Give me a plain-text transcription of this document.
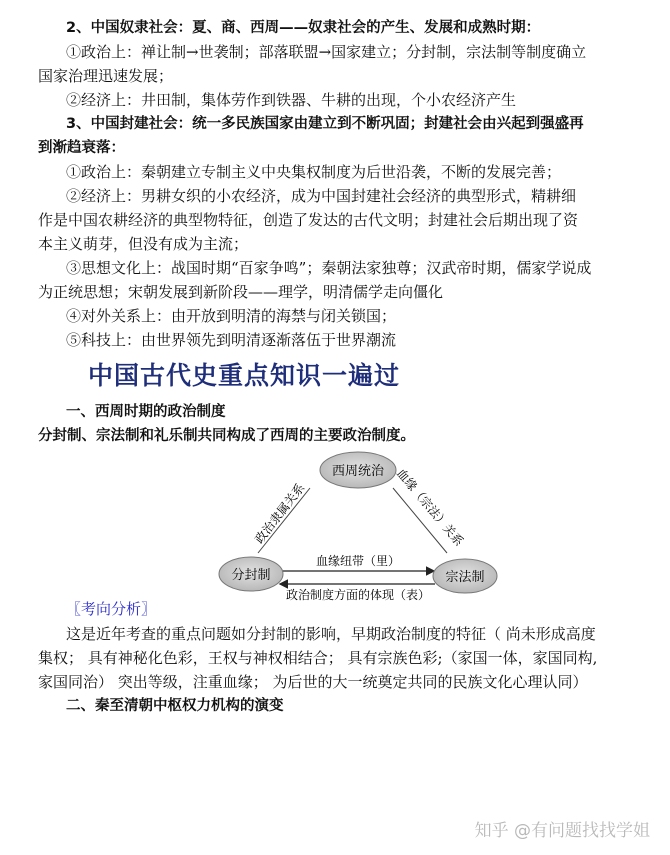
2、中国奴隶社会：夏、商、西周——奴隶社会的产生、发展和成熟时期：
①政治上：禅让制→世袭制；部落联盟→国家建立；分封制，宗法制等制度确立
国家治理迅速发展；
②经济上：井田制，集体劳作到铁器、牛耕的出现，个小农经济产生
3、中国封建社会：统一多民族国家由建立到不断巩固；封建社会由兴起到强盛再
到渐趋衰落：
①政治上：秦朝建立专制主义中央集权制度为后世沿袭，不断的发展完善；
②经济上：男耕女织的小农经济，成为中国封建社会经济的典型形式，精耕细
作是中国农耕经济的典型物特征，创造了发达的古代文明；封建社会后期出现了资
本主义萌芽，但没有成为主流；
③思想文化上：战国时期“百家争鸣”；秦朝法家独尊；汉武帝时期，儒家学说成
为正统思想；宋朝发展到新阶段——理学，明清儒学走向僵化
④对外关系上：由开放到明清的海禁与闭关锁国；
⑤科技上：由世界领先到明清逐渐落伍于世界潮流
中国古代史重点知识一遍过
一、西周时期的政治制度
分封制、宗法制和礼乐制共同构成了西周的主要政治制度。
西周统治
分封制	宗法制
政治隶属关系	血缘（宗法）关系
血缘纽带（里）
政治制度方面的体现（表）
〖考向分析〗
这是近年考查的重点问题如分封制的影响，早期政治制度的特征（ 尚未形成高度
集权； 具有神秘化色彩，王权与神权相结合； 具有宗族色彩;（家国一体，家国同构,
家国同治） 突出等级，注重血缘； 为后世的大一统奠定共同的民族文化心理认同）
二、秦至清朝中枢权力机构的演变
知乎 @有问题找找学姐
